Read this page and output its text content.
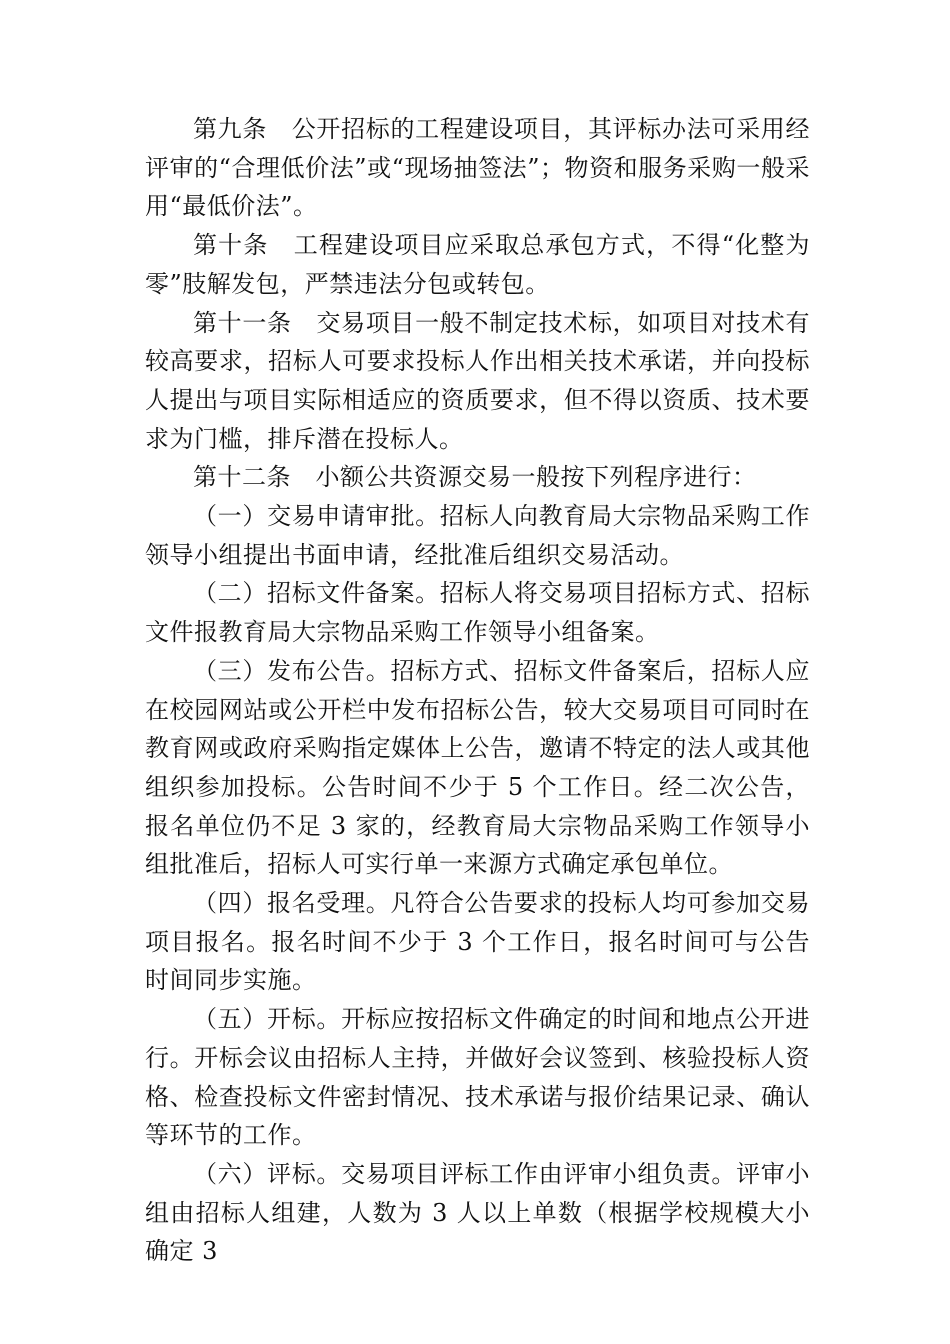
第九条　公开招标的工程建设项目，其评标办法可采用经评审的“合理低价法”或“现场抽签法”；物资和服务采购一般采用“最低价法”。

第十条　工程建设项目应采取总承包方式，不得“化整为零”肢解发包，严禁违法分包或转包。

第十一条　交易项目一般不制定技术标，如项目对技术有较高要求，招标人可要求投标人作出相关技术承诺，并向投标人提出与项目实际相适应的资质要求，但不得以资质、技术要求为门槛，排斥潜在投标人。

第十二条　小额公共资源交易一般按下列程序进行：

（一）交易申请审批。招标人向教育局大宗物品采购工作领导小组提出书面申请，经批准后组织交易活动。

（二）招标文件备案。招标人将交易项目招标方式、招标文件报教育局大宗物品采购工作领导小组备案。

（三）发布公告。招标方式、招标文件备案后，招标人应在校园网站或公开栏中发布招标公告，较大交易项目可同时在教育网或政府采购指定媒体上公告，邀请不特定的法人或其他组织参加投标。公告时间不少于 5 个工作日。经二次公告，报名单位仍不足 3 家的，经教育局大宗物品采购工作领导小组批准后，招标人可实行单一来源方式确定承包单位。

（四）报名受理。凡符合公告要求的投标人均可参加交易项目报名。报名时间不少于 3 个工作日，报名时间可与公告时间同步实施。

（五）开标。开标应按招标文件确定的时间和地点公开进行。开标会议由招标人主持，并做好会议签到、核验投标人资格、检查投标文件密封情况、技术承诺与报价结果记录、确认等环节的工作。

（六）评标。交易项目评标工作由评审小组负责。评审小组由招标人组建，人数为 3 人以上单数（根据学校规模大小确定 3
